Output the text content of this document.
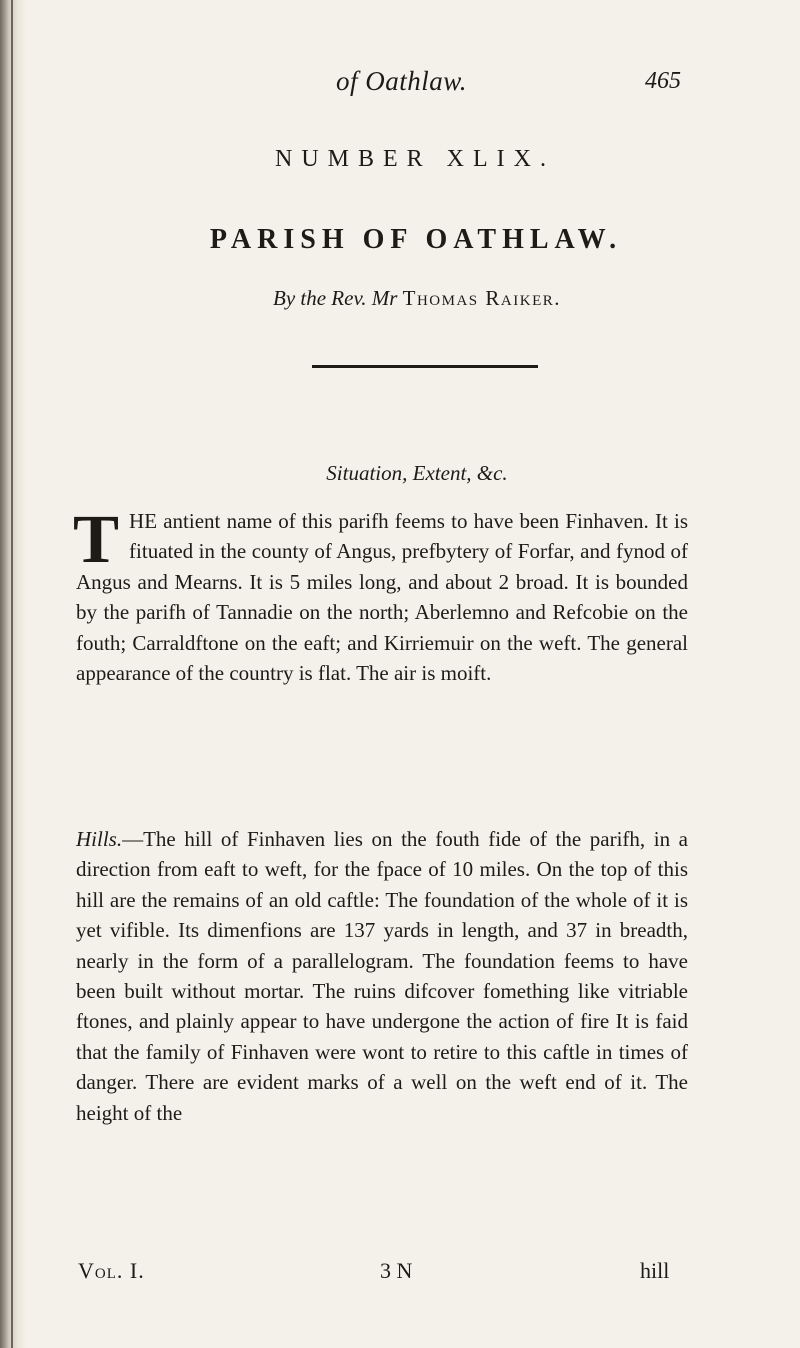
of Oathlaw.	465
NUMBER XLIX.
PARISH OF OATHLAW.
By the Rev. Mr Thomas Raiker.
Situation, Extent, &c.
THE antient name of this parifh feems to have been Finhaven. It is fituated in the county of Angus, prefbytery of Forfar, and fynod of Angus and Mearns. It is 5 miles long, and about 2 broad. It is bounded by the parifh of Tannadie on the north; Aberlemno and Refcobie on the fouth; Carraldftone on the eaft; and Kirriemuir on the weft. The general appearance of the country is flat. The air is moift.
Hills.—The hill of Finhaven lies on the fouth fide of the parifh, in a direction from eaft to weft, for the fpace of 10 miles. On the top of this hill are the remains of an old caftle: The foundation of the whole of it is yet vifible. Its dimenfions are 137 yards in length, and 37 in breadth, nearly in the form of a parallelogram. The foundation feems to have been built without mortar. The ruins difcover fomething like vitriable ftones, and plainly appear to have undergone the action of fire It is faid that the family of Finhaven were wont to retire to this caftle in times of danger. There are evident marks of a well on the weft end of it. The height of the
Vol. I.	3 N	hill
